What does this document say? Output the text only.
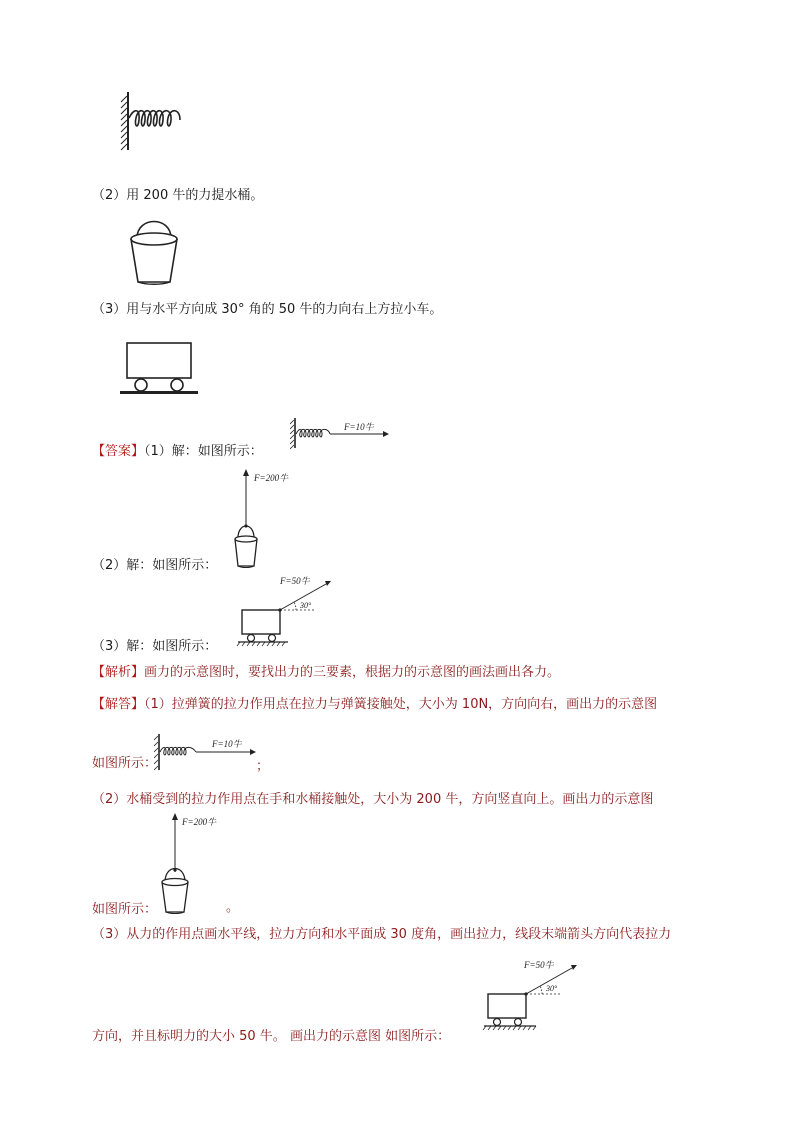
（2）用 200 牛的力提水桶。
（3）用与水平方向成 30° 角的 50 牛的力向右上方拉小车。
【答案】（1）解：如图所示：
F=10牛
F=200牛
（2）解：如图所示：
F=50牛
30°
（3）解：如图所示：
【解析】画力的示意图时，要找出力的三要素，根据力的示意图的画法画出各力。
【解答】（1）拉弹簧的拉力作用点在拉力与弹簧接触处，大小为 10N，方向向右，画出力的示意图
F=10牛
如图所示：	；
（2）水桶受到的拉力作用点在手和水桶接触处，大小为 200 牛，方向竖直向上。画出力的示意图
F=200牛
如图所示：	。
（3）从力的作用点画水平线，拉力方向和水平面成 30 度角，画出拉力，线段末端箭头方向代表拉力
F=50牛
30°
方向，并且标明力的大小 50 牛。 画出力的示意图 如图所示：
